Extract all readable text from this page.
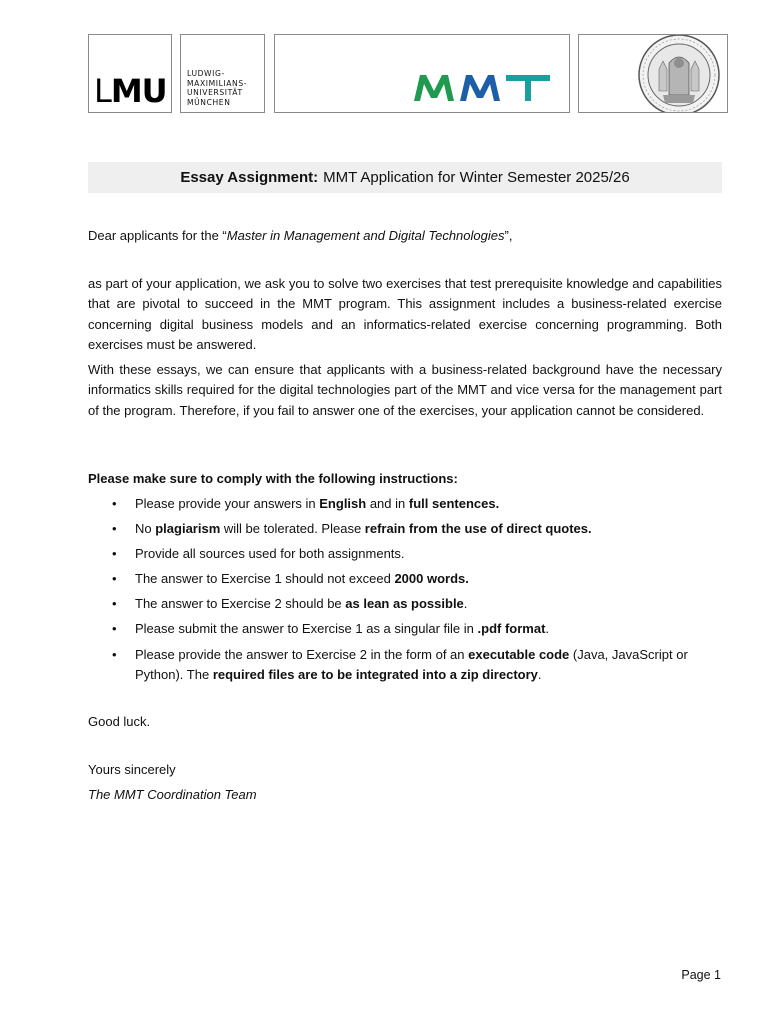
LMU	LUDWIG-
MAXIMILIANS-
UNIVERSITÄT
MÜNCHEN
Essay Assignment: MMT Application for Winter Semester 2025/26
Dear applicants for the “Master in Management and Digital Technologies”,
as part of your application, we ask you to solve two exercises that test prerequisite knowledge and capabilities that are pivotal to succeed in the MMT program. This assignment includes a business-related exercise concerning digital business models and an informatics-related exercise concerning programming. Both exercises must be answered.
With these essays, we can ensure that applicants with a business-related background have the necessary informatics skills required for the digital technologies part of the MMT and vice versa for the management part of the program. Therefore, if you fail to answer one of the exercises, your application cannot be considered.
Please make sure to comply with the following instructions:
• Please provide your answers in English and in full sentences.
• No plagiarism will be tolerated. Please refrain from the use of direct quotes.
• Provide all sources used for both assignments.
• The answer to Exercise 1 should not exceed 2000 words.
• The answer to Exercise 2 should be as lean as possible.
• Please submit the answer to Exercise 1 as a singular file in .pdf format.
• Please provide the answer to Exercise 2 in the form of an executable code (Java, JavaScript or Python). The required files are to be integrated into a zip directory.
Good luck.
Yours sincerely
The MMT Coordination Team
Page 1
